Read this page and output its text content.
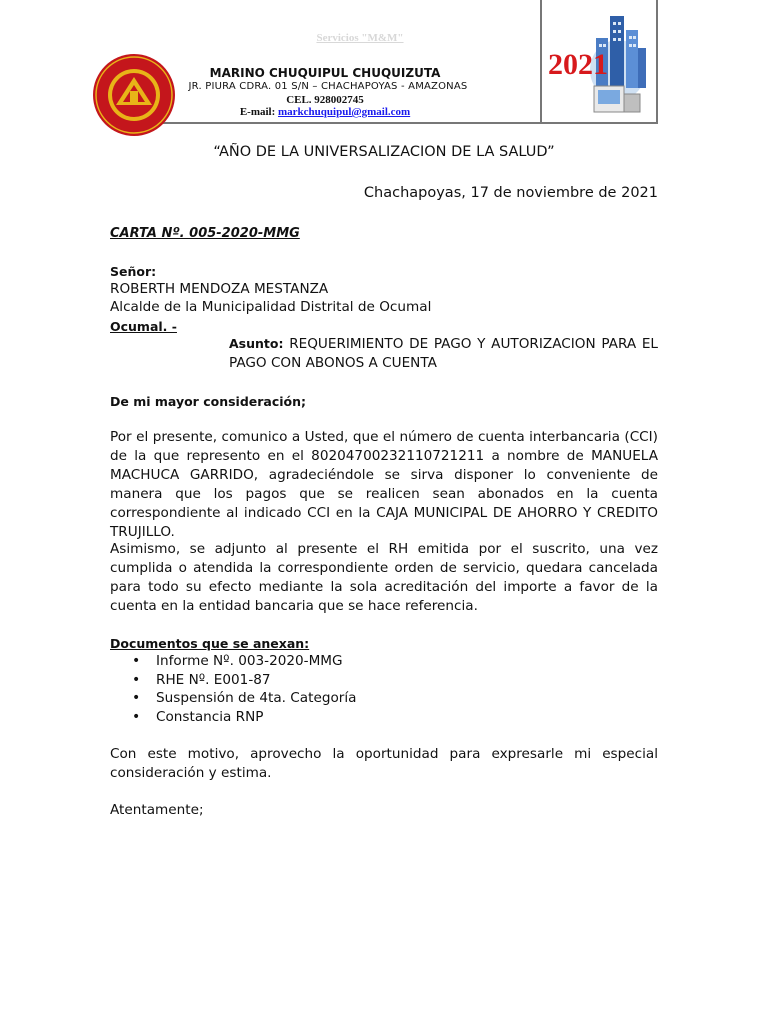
Servicios "M&M"
MARINO CHUQUIPUL CHUQUIZUTA
JR. PIURA CDRA. 01 S/N – CHACHAPOYAS - AMAZONAS
CEL. 928002745
E-mail: markchuquipul@gmail.com
2021
“AÑO DE LA UNIVERSALIZACION DE LA SALUD”
Chachapoyas, 17 de noviembre de 2021
CARTA Nº. 005-2020-MMG
Señor:
ROBERTH MENDOZA MESTANZA
Alcalde de la Municipalidad Distrital de Ocumal
Ocumal. -
Asunto: REQUERIMIENTO DE PAGO Y AUTORIZACION PARA EL PAGO CON ABONOS A CUENTA
De mi mayor consideración;
Por el presente, comunico a Usted, que el número de cuenta interbancaria (CCI) de la que represento en el 80204700232110721211 a nombre de MANUELA MACHUCA GARRIDO, agradeciéndole se sirva disponer lo conveniente de manera que los pagos que se realicen sean abonados en la cuenta correspondiente al indicado CCI en la CAJA MUNICIPAL DE AHORRO Y CREDITO TRUJILLO.
Asimismo, se adjunto al presente el RH emitida por el suscrito, una vez cumplida o atendida la correspondiente orden de servicio, quedara cancelada para todo su efecto mediante la sola acreditación del importe a favor de la cuenta en la entidad bancaria que se hace referencia.
Documentos que se anexan:
• Informe Nº. 003-2020-MMG
• RHE Nº. E001-87
• Suspensión de 4ta. Categoría
• Constancia RNP
Con este motivo, aprovecho la oportunidad para expresarle mi especial consideración y estima.
Atentamente;
